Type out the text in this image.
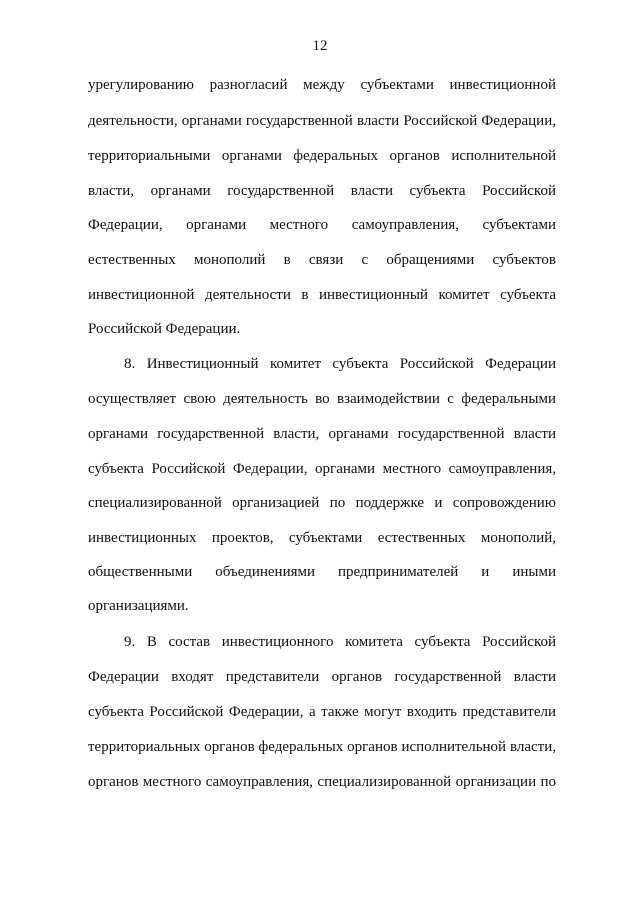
12
урегулированию разногласий между субъектами инвестиционной
деятельности, органами государственной власти Российской Федерации,
территориальными органами федеральных органов исполнительной
власти, органами государственной власти субъекта Российской
Федерации, органами местного самоуправления, субъектами
естественных монополий в связи с обращениями субъектов
инвестиционной деятельности в инвестиционный комитет субъекта
Российской Федерации.
8. Инвестиционный комитет субъекта Российской Федерации
осуществляет свою деятельность во взаимодействии с федеральными
органами государственной власти, органами государственной власти
субъекта Российской Федерации, органами местного самоуправления,
специализированной организацией по поддержке и сопровождению
инвестиционных проектов, субъектами естественных монополий,
общественными объединениями предпринимателей и иными
организациями.
9. В состав инвестиционного комитета субъекта Российской
Федерации входят представители органов государственной власти
субъекта Российской Федерации, а также могут входить представители
территориальных органов федеральных органов исполнительной власти,
органов местного самоуправления, специализированной организации по
